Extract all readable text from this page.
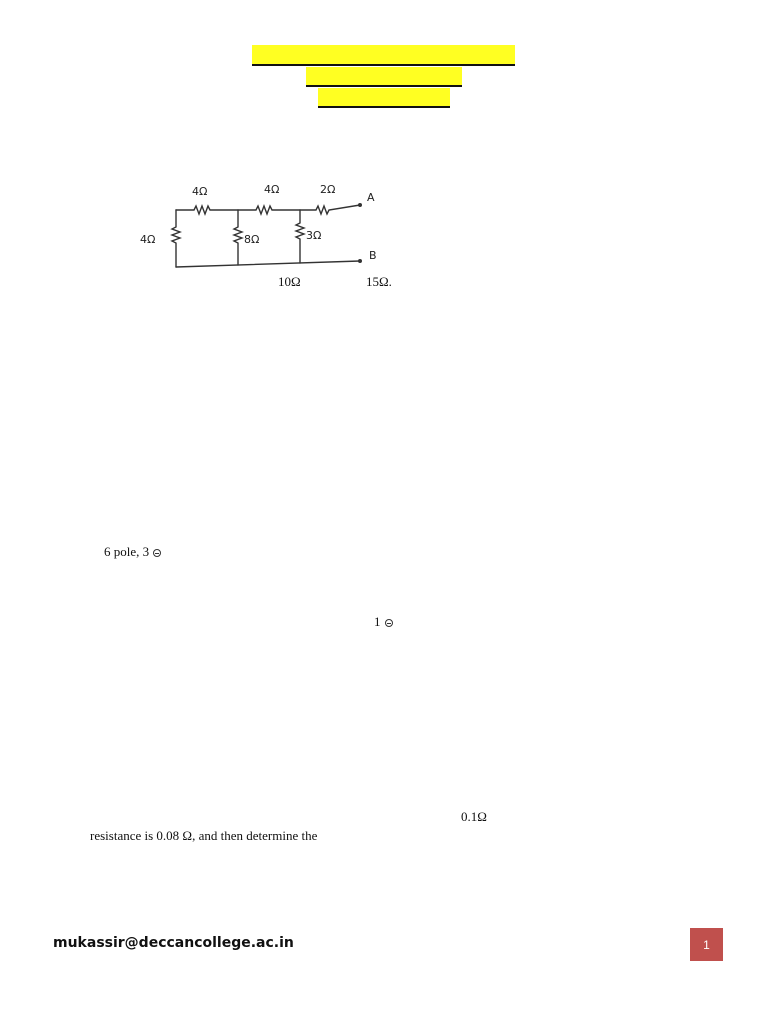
4Ω	4Ω	2Ω
4Ω	8Ω	3Ω
A
B
10Ω	15Ω.
6 pole, 3
1
0.1Ω
resistance is 0.08 Ω, and then determine the
mukassir@deccancollege.ac.in	1
